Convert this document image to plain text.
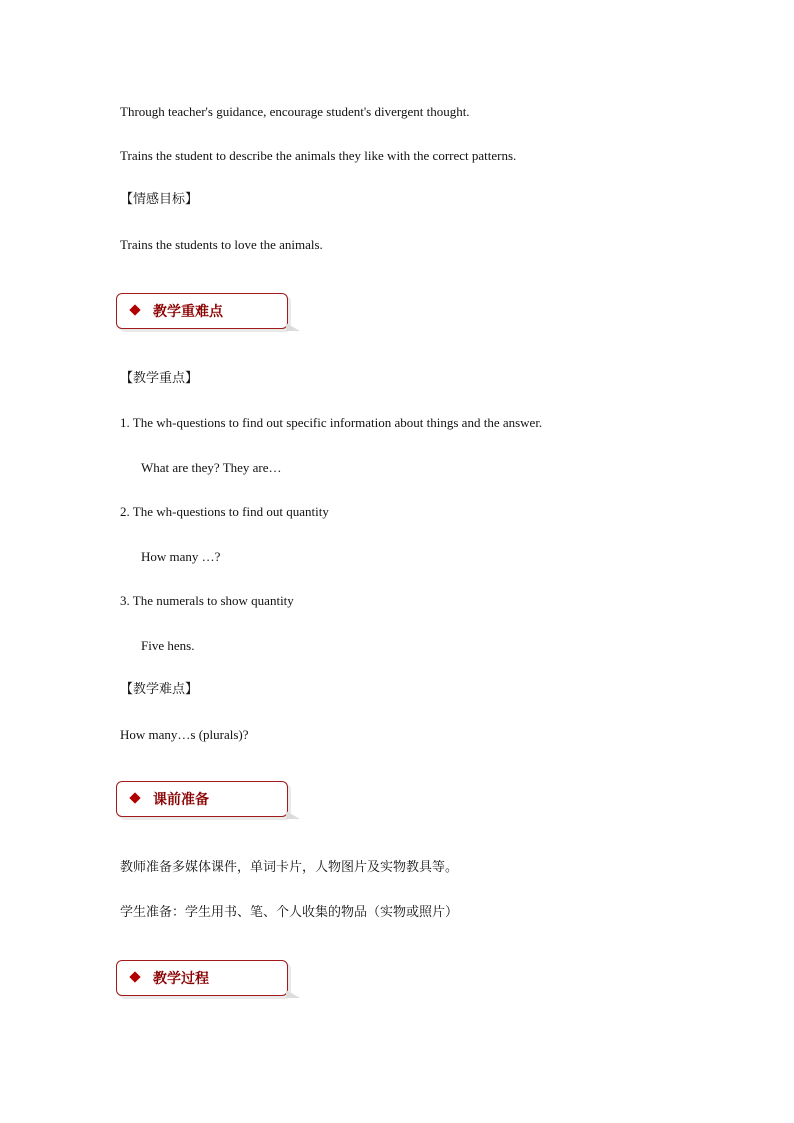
Through teacher's guidance, encourage student's divergent thought.
Trains the student to describe the animals they like with the correct patterns.
【情感目标】
Trains the students to love the animals.
教学重难点
【教学重点】
1. The wh-questions to find out specific information about things and the answer.
What are they? They are…
2. The wh-questions to find out quantity
How many …?
3. The numerals to show quantity
Five hens.
【教学难点】
How many…s (plurals)?
课前准备
教师准备多媒体课件，单词卡片，人物图片及实物教具等。
学生准备：学生用书、笔、个人收集的物品（实物或照片）
教学过程
